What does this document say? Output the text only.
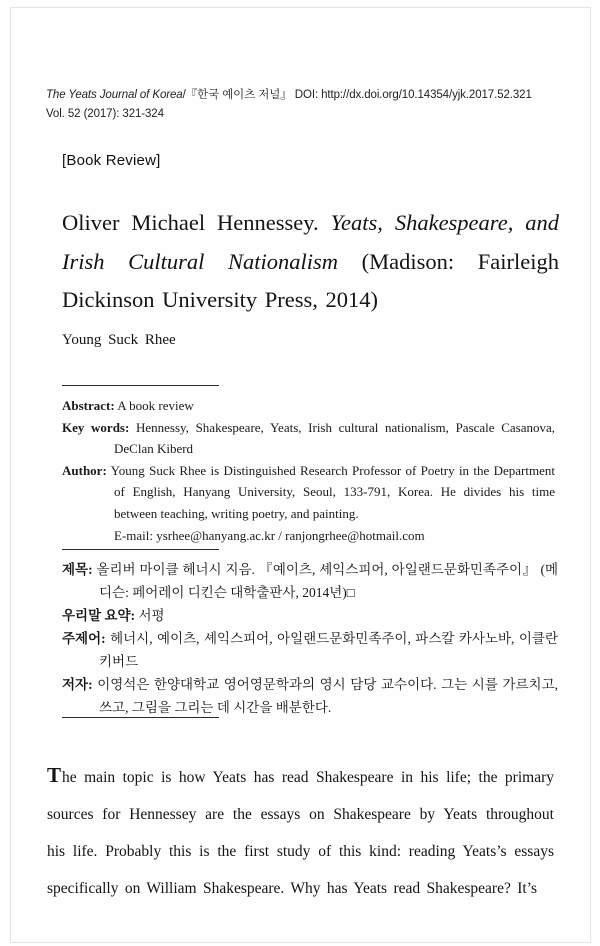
The Yeats Journal of Korea/『한국 예이츠 저널』 DOI: http://dx.doi.org/10.14354/yjk.2017.52.321
Vol. 52 (2017): 321-324
[Book Review]
Oliver Michael Hennessey. Yeats, Shakespeare, and Irish Cultural Nationalism (Madison: Fairleigh Dickinson University Press, 2014)
Young Suck Rhee

Abstract: A book review

Key words: Hennessy, Shakespeare, Yeats, Irish cultural nationalism, Pascale Casanova, DeClan Kiberd

Author: Young Suck Rhee is Distinguished Research Professor of Poetry in the Department of English, Hanyang University, Seoul, 133-791, Korea. He divides his time between teaching, writing poetry, and painting.

E-mail: ysrhee@hanyang.ac.kr / ranjongrhee@hotmail.com

제목: 올리버 마이클 헤너시 지음. 『예이츠, 셰익스피어, 아일랜드문화민족주이』 (메디슨: 페어레이 디킨슨 대학출판사, 2014년)□

우리말 요약: 서평

주제어: 헤너시, 예이츠, 셰익스피어, 아일랜드문화민족주이, 파스칼 카사노바, 이클란 키버드

저자: 이영석은 한양대학교 영어영문학과의 영시 담당 교수이다. 그는 시를 가르치고, 쓰고, 그림을 그리는 데 시간을 배분한다.

The main topic is how Yeats has read Shakespeare in his life; the primary sources for Hennessey are the essays on Shakespeare by Yeats throughout his life. Probably this is the first study of this kind: reading Yeats’s essays specifically on William Shakespeare. Why has Yeats read Shakespeare? It’s
